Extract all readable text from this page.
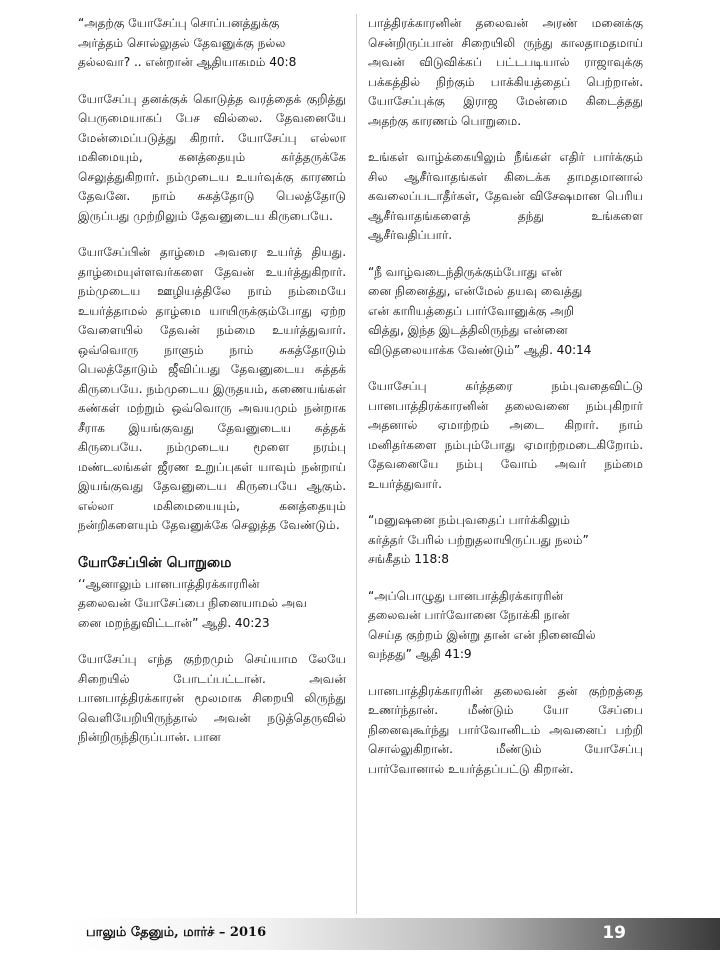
“அதற்கு யோசேப்பு சொப்பனத்துக்கு
அர்த்தம் சொல்லுதல் தேவனுக்கு நல்ல
தல்லவா? .. என்றான் ஆதியாகமம் 40:8

யோசேப்பு தனக்குக் கொடுத்த வரத்தைக் குறித்து பெருமையாகப் பேச வில்லை. தேவனையே மேன்மைப்படுத்து கிறார். யோசேப்பு எல்லா மகிமையும், கனத்தையும் கர்த்தருக்கே செலுத்துகிறார். நம்முடைய உயர்வுக்கு காரணம் தேவனே. நாம் சுகத்தோடு பெலத்தோடு இருப்பது முற்றிலும் தேவனுடைய கிருபையே.

யோசேப்பின் தாழ்மை அவரை உயர்த் தியது. தாழ்மையுள்ளவர்களை தேவன் உயர்த்துகிறார். நம்முடைய ஊழியத்திலே நாம் நம்மையே உயர்த்தாமல் தாழ்மை யாயிருக்கும்போது ஏற்ற வேளையில் தேவன் நம்மை உயர்த்துவார். ஒவ்வொரு நாளும் நாம் சுகத்தோடும் பெலத்தோடும் ஜீவிப்பது தேவனுடைய சுத்தக் கிருபையே. நம்முடைய இருதயம், கணையங்கள் கண்கள் மற்றும் ஒவ்வொரு அவயமும் நன்றாக சீராக இயங்குவது தேவனுடைய சுத்தக் கிருபையே. நம்முடைய மூளை நரம்பு மண்டலங்கள் ஜீரண உறுப்புகள் யாவும் நன்றாய் இயங்குவது தேவனுடைய கிருபையே ஆகும். எல்லா மகிமையையும், கனத்தையும் நன்றிகளையும் தேவனுக்கே செலுத்த வேண்டும்.

யோசேப்பின் பொறுமை

‘‘ஆனாலும் பானபாத்திரக்காரரின்
தலைவன் யோசேப்பை நினையாமல் அவ
னை மறந்துவிட்டான்” ஆதி. 40:23

யோசேப்பு எந்த குற்றமும் செய்யாம லேயே சிறையில் போடப்பட்டான். அவன் பானபாத்திரக்காரன் மூலமாக சிறையி லிருந்து வெளியேறியிருந்தால் அவன் நடுத்தெருவில் நின்றிருந்திருப்பான். பான

பாத்திரக்காரனின் தலைவன் அரண் மனைக்கு சென்றிருப்பான் சிறையிலி ருந்து காலதாமதமாய் அவன் விடுவிக்கப் பட்டபடியால் ராஜாவுக்கு பக்கத்தில் நிற்கும் பாக்கியத்தைப் பெற்றான். யோசேப்புக்கு இராஜ மேன்மை கிடைத்தது அதற்கு காரணம் பொறுமை.

உங்கள் வாழ்க்கையிலும் நீங்கள் எதிர் பார்க்கும் சில ஆசீர்வாதங்கள் கிடைக்க தாமதமானால் கவலைப்படாதீர்கள், தேவன் விசேஷமான பெரிய ஆசீர்வாதங்களைத் தந்து உங்களை ஆசீர்வதிப்பார்.

“நீ வாழ்வடைந்திருக்கும்போது என்
னை நினைத்து, என்மேல் தயவு வைத்து
என் காரியத்தைப் பார்வோனுக்கு அறி
வித்து, இந்த இடத்திலிருந்து என்னை
விடுதலையாக்க வேண்டும்” ஆதி. 40:14

யோசேப்பு கர்த்தரை நம்புவதைவிட்டு பானபாத்திரக்காரனின் தலைவனை நம்புகிறார் அதனால் ஏமாற்றம் அடை கிறார். நாம் மனிதர்களை நம்பும்போது ஏமாற்றமடைகிறோம். தேவனையே நம்பு வோம் அவர் நம்மை உயர்த்துவார்.

“மனுஷனை நம்புவதைப் பார்க்கிலும்
கர்த்தர் பேரில் பற்றுதலாயிருப்பது நலம்”
சங்கீதம் 118:8

“அப்பொழுது பானபாத்திரக்காரரின்
தலைவன் பார்வோனை நோக்கி நான்
செய்த குற்றம் இன்று தான் என் நினைவில்
வந்தது” ஆதி 41:9

பானபாத்திரக்காரரின் தலைவன் தன் குற்றத்தை உணர்ந்தான். மீண்டும் யோ சேப்பை நினைவுகூர்ந்து பார்வோனிடம் அவனைப் பற்றி சொல்லுகிறான். மீண்டும் யோசேப்பு பார்வோனால் உயர்த்தப்பட்டு கிறான்.

பாலும் தேனும், மார்ச் – 2016	19
